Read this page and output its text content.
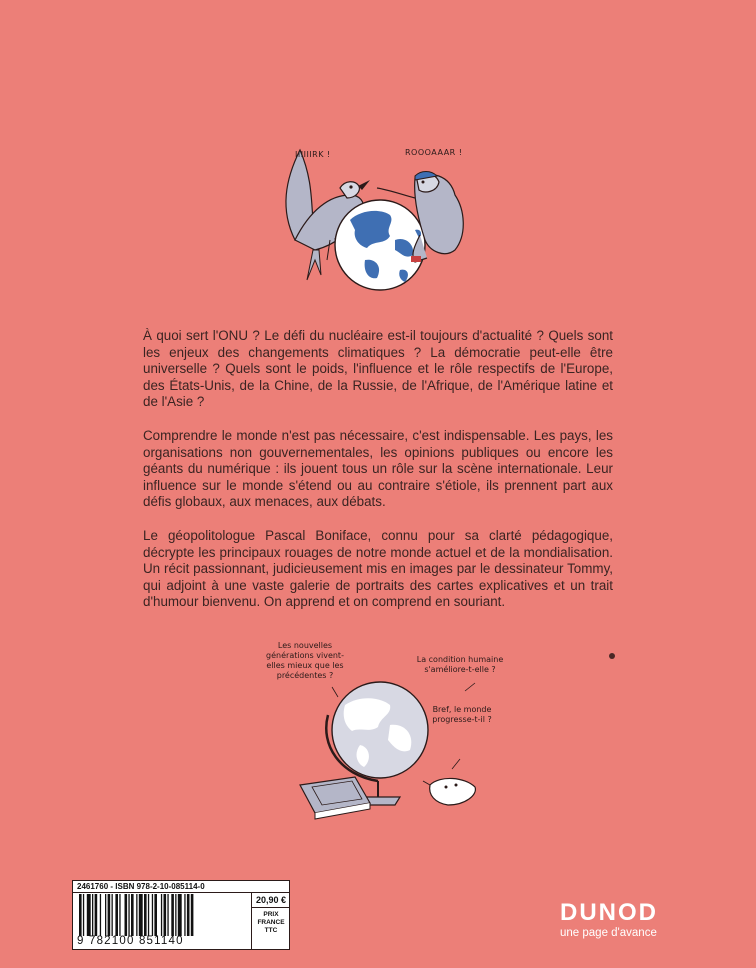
IIIIIIRK !	ROOOAAAR !

À quoi sert l'ONU ? Le défi du nucléaire est-il toujours d'actualité ? Quels sont les enjeux des changements climatiques ? La démocratie peut-elle être universelle ? Quels sont le poids, l'influence et le rôle respectifs de l'Europe, des États-Unis, de la Chine, de la Russie, de l'Afrique, de l'Amérique latine et de l'Asie ?

Comprendre le monde n'est pas nécessaire, c'est indispensable. Les pays, les organisations non gouvernementales, les opinions publiques ou encore les géants du numérique : ils jouent tous un rôle sur la scène internationale. Leur influence sur le monde s'étend ou au contraire s'étiole, ils prennent part aux défis globaux, aux menaces, aux débats.

Le géopolitologue Pascal Boniface, connu pour sa clarté pédagogique, décrypte les principaux rouages de notre monde actuel et de la mondialisation. Un récit passionnant, judicieusement mis en images par le dessinateur Tommy, qui adjoint à une vaste galerie de portraits des cartes explicatives et un trait d'humour bienvenu. On apprend et on comprend en souriant.

Les nouvelles générations vivent-elles mieux que les précédentes ?
La condition humaine s'améliore-t-elle ?
Bref, le monde progresse-t-il ?
2461760 - ISBN 978-2-10-085114-0
9 782100 851140
20,90 €
PRIX
FRANCE
TTC
DUNOD
une page d'avance
